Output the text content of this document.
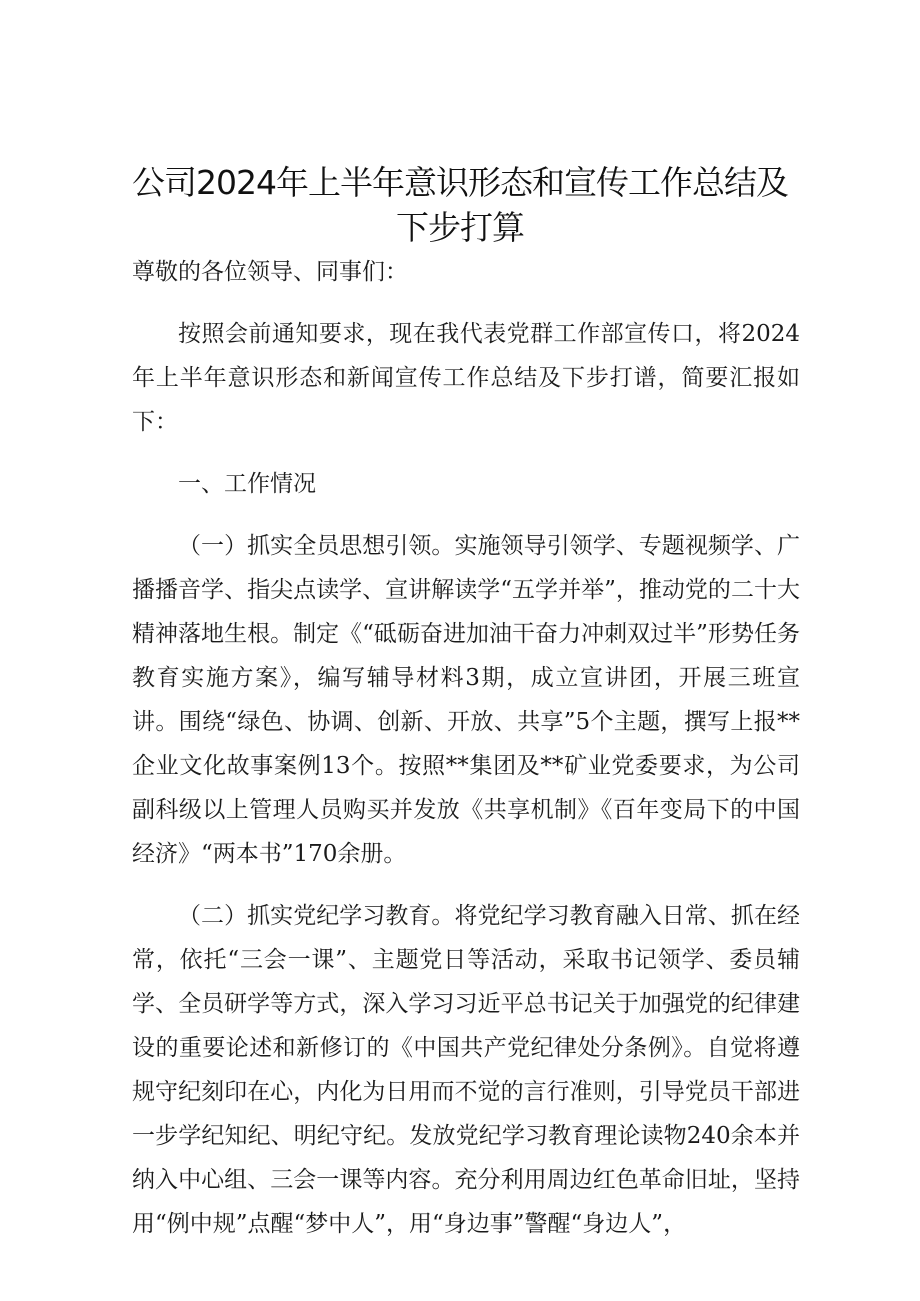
公司2024年上半年意识形态和宣传工作总结及下步打算

尊敬的各位领导、同事们：

按照会前通知要求，现在我代表党群工作部宣传口，将2024年上半年意识形态和新闻宣传工作总结及下步打谱，简要汇报如下：

一、工作情况

（一）抓实全员思想引领。实施领导引领学、专题视频学、广播播音学、指尖点读学、宣讲解读学“五学并举”，推动党的二十大精神落地生根。制定《“砥砺奋进加油干奋力冲刺双过半”形势任务教育实施方案》，编写辅导材料3期，成立宣讲团，开展三班宣讲。围绕“绿色、协调、创新、开放、共享”5个主题，撰写上报**企业文化故事案例13个。按照**集团及**矿业党委要求，为公司副科级以上管理人员购买并发放《共享机制》《百年变局下的中国经济》“两本书”170余册。

（二）抓实党纪学习教育。将党纪学习教育融入日常、抓在经常，依托“三会一课”、主题党日等活动，采取书记领学、委员辅学、全员研学等方式，深入学习习近平总书记关于加强党的纪律建设的重要论述和新修订的《中国共产党纪律处分条例》。自觉将遵规守纪刻印在心，内化为日用而不觉的言行准则，引导党员干部进一步学纪知纪、明纪守纪。发放党纪学习教育理论读物240余本并纳入中心组、三会一课等内容。充分利用周边红色革命旧址，坚持用“例中规”点醒“梦中人”，用“身边事”警醒“身边人”，
